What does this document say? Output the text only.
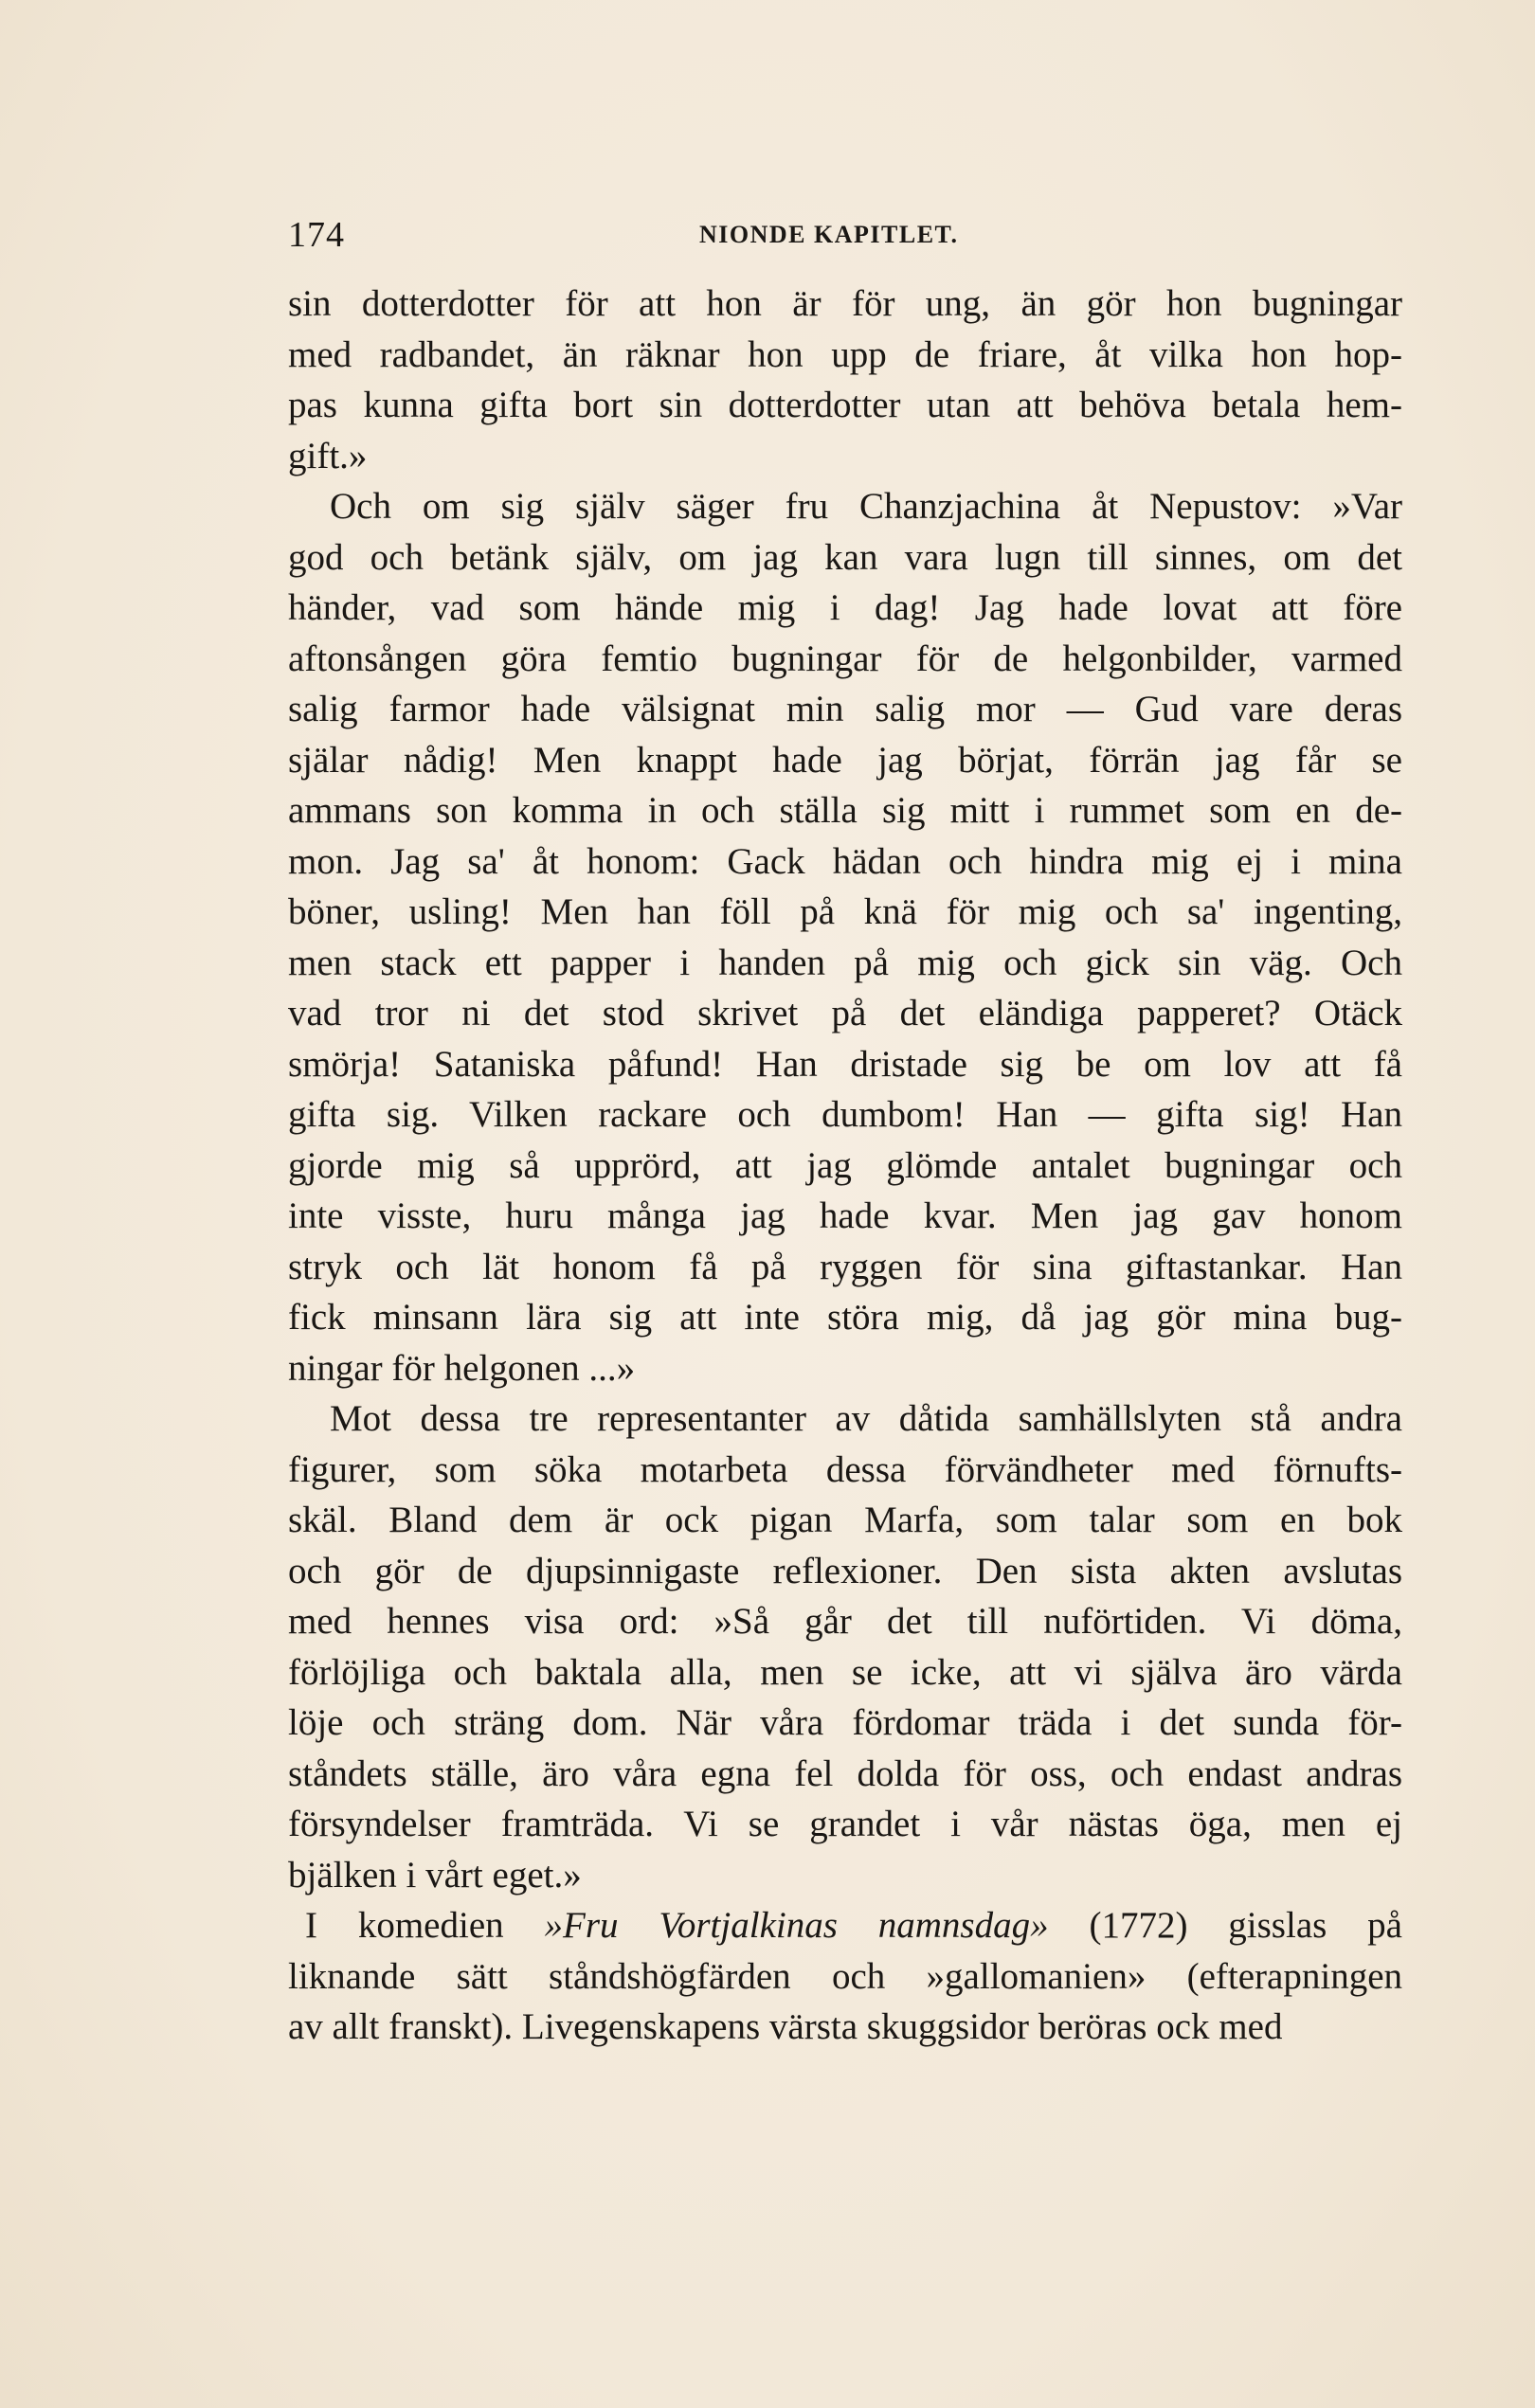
174	NIONDE KAPITLET.
sin dotterdotter för att hon är för ung, än gör hon bugningar
med radbandet, än räknar hon upp de friare, åt vilka hon hop-
pas kunna gifta bort sin dotterdotter utan att behöva betala hem-
gift.»
Och om sig själv säger fru Chanzjachina åt Nepustov: »Var
god och betänk själv, om jag kan vara lugn till sinnes, om det
händer, vad som hände mig i dag! Jag hade lovat att före
aftonsången göra femtio bugningar för de helgonbilder, varmed
salig farmor hade välsignat min salig mor — Gud vare deras
själar nådig! Men knappt hade jag börjat, förrän jag får se
ammans son komma in och ställa sig mitt i rummet som en de-
mon. Jag sa' åt honom: Gack hädan och hindra mig ej i mina
böner, usling! Men han föll på knä för mig och sa' ingenting,
men stack ett papper i handen på mig och gick sin väg. Och
vad tror ni det stod skrivet på det eländiga papperet? Otäck
smörja! Sataniska påfund! Han dristade sig be om lov att få
gifta sig. Vilken rackare och dumbom! Han — gifta sig! Han
gjorde mig så upprörd, att jag glömde antalet bugningar och
inte visste, huru många jag hade kvar. Men jag gav honom
stryk och lät honom få på ryggen för sina giftastankar. Han
fick minsann lära sig att inte störa mig, då jag gör mina bug-
ningar för helgonen ...»
Mot dessa tre representanter av dåtida samhällslyten stå andra
figurer, som söka motarbeta dessa förvändheter med förnufts-
skäl. Bland dem är ock pigan Marfa, som talar som en bok
och gör de djupsinnigaste reflexioner. Den sista akten avslutas
med hennes visa ord: »Så går det till nuförtiden. Vi döma,
förlöjliga och baktala alla, men se icke, att vi själva äro värda
löje och sträng dom. När våra fördomar träda i det sunda för-
ståndets ställe, äro våra egna fel dolda för oss, och endast andras
försyndelser framträda. Vi se grandet i vår nästas öga, men ej
bjälken i vårt eget.»
I komedien »Fru Vortjalkinas namnsdag» (1772) gisslas på
liknande sätt ståndshögfärden och »gallomanien» (efterapningen
av allt franskt). Livegenskapens värsta skuggsidor beröras ock med
